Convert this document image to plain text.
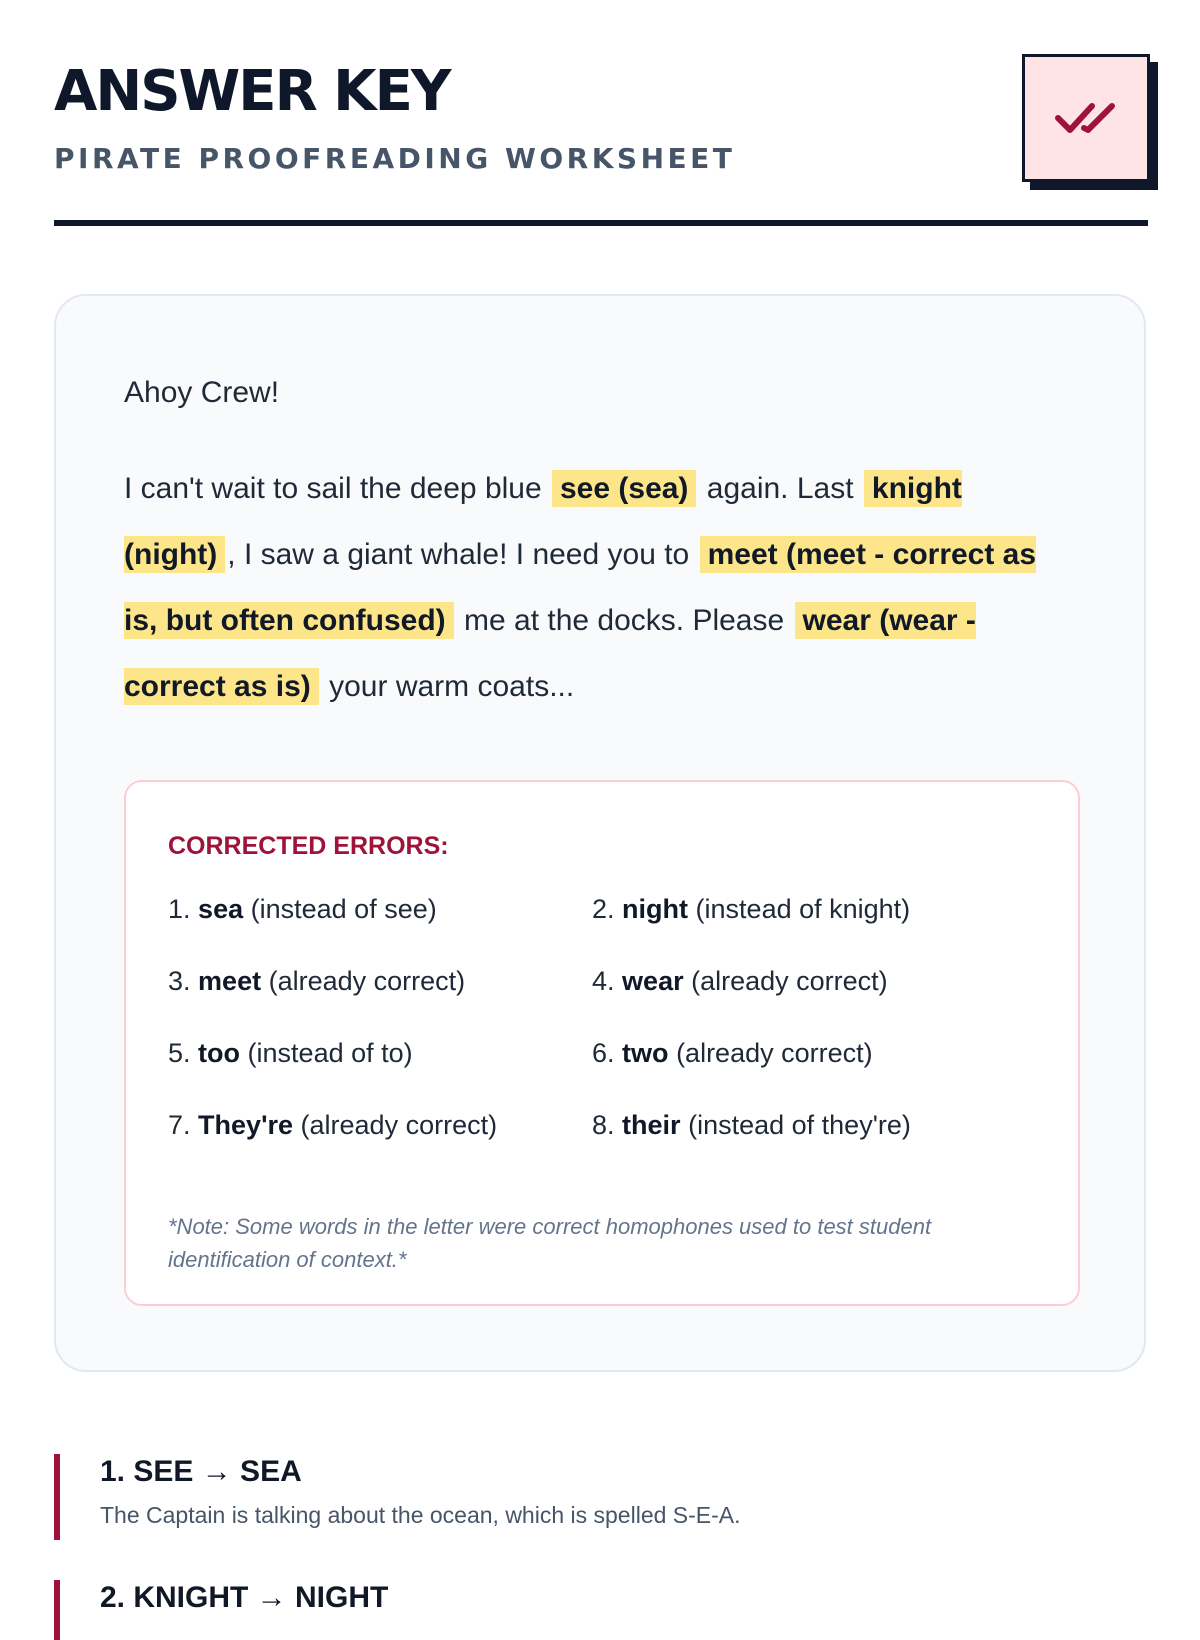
ANSWER KEY
PIRATE PROOFREADING WORKSHEET
Ahoy Crew!
I can't wait to sail the deep blue see (sea) again. Last knight (night) , I saw a giant whale! I need you to meet (meet - correct as is, but often confused) me at the docks. Please wear (wear - correct as is) your warm coats...
CORRECTED ERRORS:
1. sea (instead of see)	2. night (instead of knight)
3. meet (already correct)	4. wear (already correct)
5. too (instead of to)	6. two (already correct)
7. They're (already correct)	8. their (instead of they're)
*Note: Some words in the letter were correct homophones used to test student identification of context.*
1. SEE → SEA
The Captain is talking about the ocean, which is spelled S-E-A.
2. KNIGHT → NIGHT
